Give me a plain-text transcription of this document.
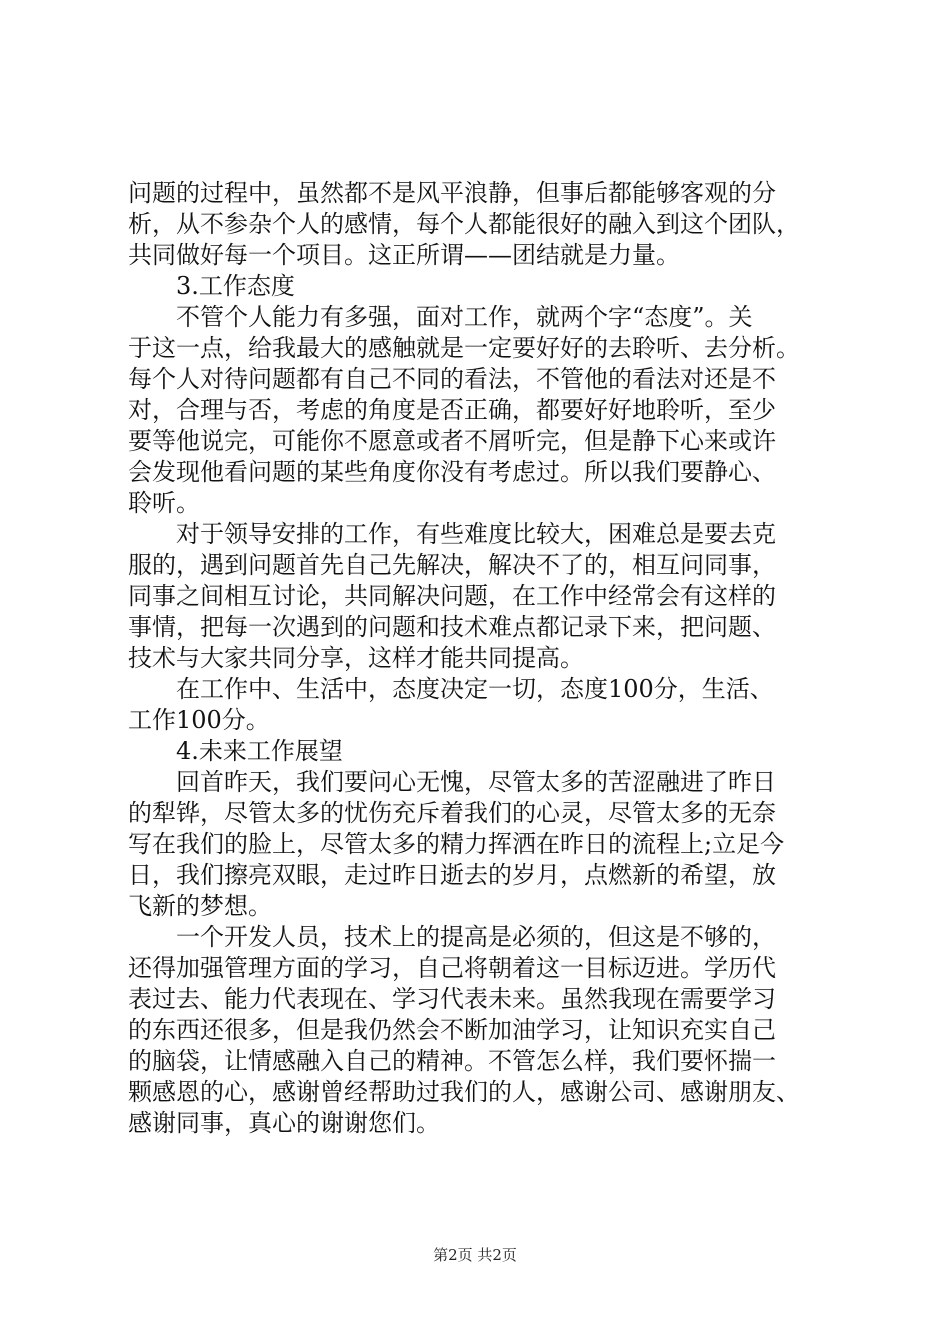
问题的过程中，虽然都不是风平浪静，但事后都能够客观的分
析，从不参杂个人的感情，每个人都能很好的融入到这个团队，
共同做好每一个项目。这正所谓——团结就是力量。
3.工作态度
不管个人能力有多强，面对工作，就两个字“态度”。关
于这一点，给我最大的感触就是一定要好好的去聆听、去分析。
每个人对待问题都有自己不同的看法，不管他的看法对还是不
对，合理与否，考虑的角度是否正确，都要好好地聆听，至少
要等他说完，可能你不愿意或者不屑听完，但是静下心来或许
会发现他看问题的某些角度你没有考虑过。所以我们要静心、
聆听。
对于领导安排的工作，有些难度比较大，困难总是要去克
服的，遇到问题首先自己先解决，解决不了的，相互问同事，
同事之间相互讨论，共同解决问题，在工作中经常会有这样的
事情，把每一次遇到的问题和技术难点都记录下来，把问题、
技术与大家共同分享，这样才能共同提高。
在工作中、生活中，态度决定一切，态度100分，生活、
工作100分。
4.未来工作展望
回首昨天，我们要问心无愧，尽管太多的苦涩融进了昨日
的犁铧，尽管太多的忧伤充斥着我们的心灵，尽管太多的无奈
写在我们的脸上，尽管太多的精力挥洒在昨日的流程上;立足今
日，我们擦亮双眼，走过昨日逝去的岁月，点燃新的希望，放
飞新的梦想。
一个开发人员，技术上的提高是必须的，但这是不够的，
还得加强管理方面的学习，自己将朝着这一目标迈进。学历代
表过去、能力代表现在、学习代表未来。虽然我现在需要学习
的东西还很多，但是我仍然会不断加油学习，让知识充实自己
的脑袋，让情感融入自己的精神。不管怎么样，我们要怀揣一
颗感恩的心，感谢曾经帮助过我们的人，感谢公司、感谢朋友、
感谢同事，真心的谢谢您们。
第2页 共2页
